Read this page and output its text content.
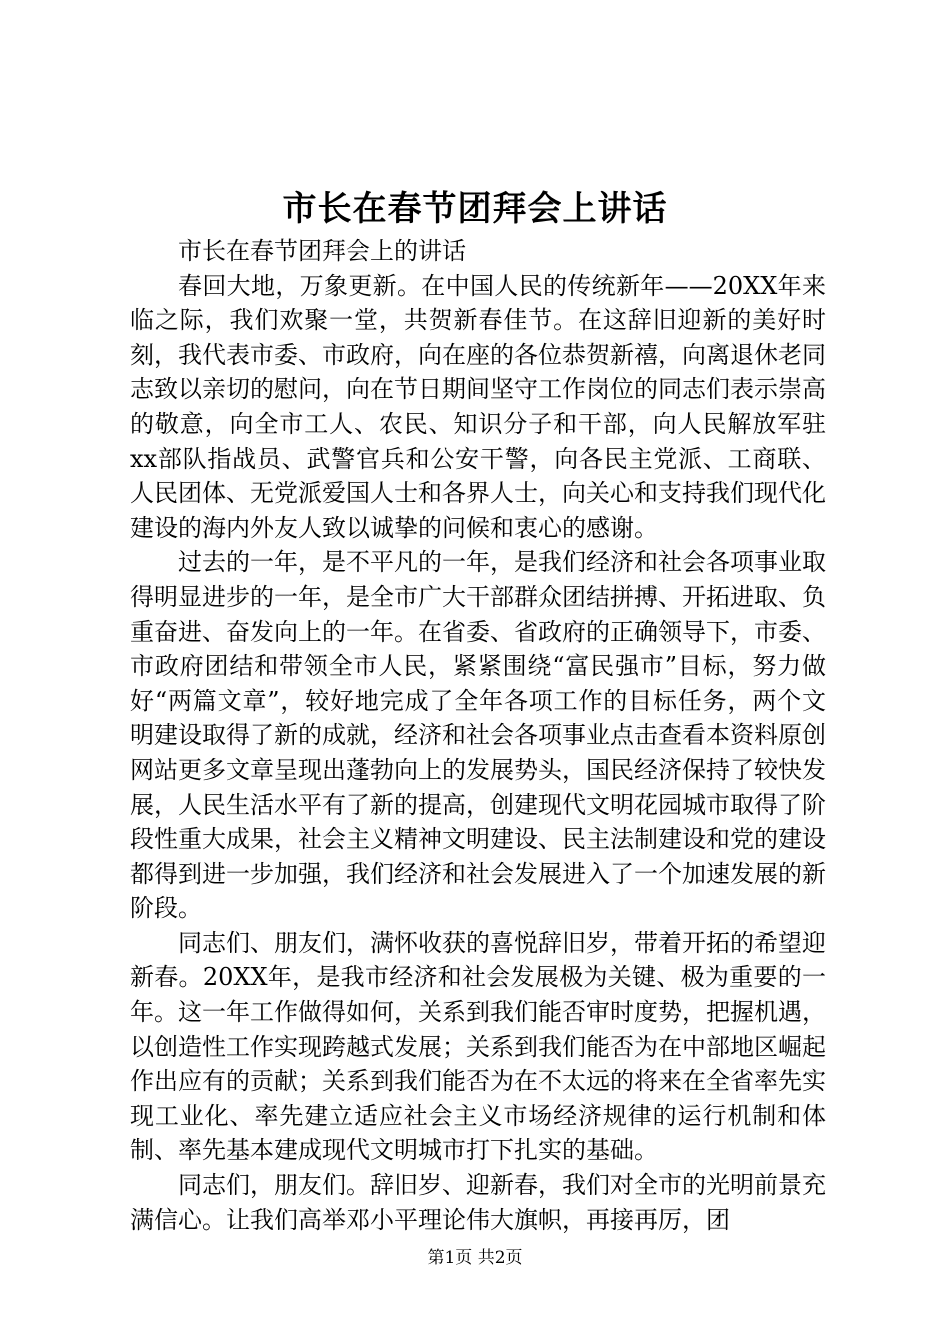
市长在春节团拜会上讲话

市长在春节团拜会上的讲话

春回大地，万象更新。在中国人民的传统新年——20XX年来临之际，我们欢聚一堂，共贺新春佳节。在这辞旧迎新的美好时刻，我代表市委、市政府，向在座的各位恭贺新禧，向离退休老同志致以亲切的慰问，向在节日期间坚守工作岗位的同志们表示崇高的敬意，向全市工人、农民、知识分子和干部，向人民解放军驻xx部队指战员、武警官兵和公安干警，向各民主党派、工商联、人民团体、无党派爱国人士和各界人士，向关心和支持我们现代化建设的海内外友人致以诚挚的问候和衷心的感谢。

过去的一年，是不平凡的一年，是我们经济和社会各项事业取得明显进步的一年，是全市广大干部群众团结拼搏、开拓进取、负重奋进、奋发向上的一年。在省委、省政府的正确领导下，市委、市政府团结和带领全市人民，紧紧围绕“富民强市”目标，努力做好“两篇文章”，较好地完成了全年各项工作的目标任务，两个文明建设取得了新的成就，经济和社会各项事业点击查看本资料原创网站更多文章呈现出蓬勃向上的发展势头，国民经济保持了较快发展，人民生活水平有了新的提高，创建现代文明花园城市取得了阶段性重大成果，社会主义精神文明建设、民主法制建设和党的建设都得到进一步加强，我们经济和社会发展进入了一个加速发展的新阶段。

同志们、朋友们，满怀收获的喜悦辞旧岁，带着开拓的希望迎新春。20XX年，是我市经济和社会发展极为关键、极为重要的一年。这一年工作做得如何，关系到我们能否审时度势，把握机遇，以创造性工作实现跨越式发展；关系到我们能否为在中部地区崛起作出应有的贡献；关系到我们能否为在不太远的将来在全省率先实现工业化、率先建立适应社会主义市场经济规律的运行机制和体制、率先基本建成现代文明城市打下扎实的基础。

同志们，朋友们。辞旧岁、迎新春，我们对全市的光明前景充满信心。让我们高举邓小平理论伟大旗帜，再接再厉，团

第1页 共2页
